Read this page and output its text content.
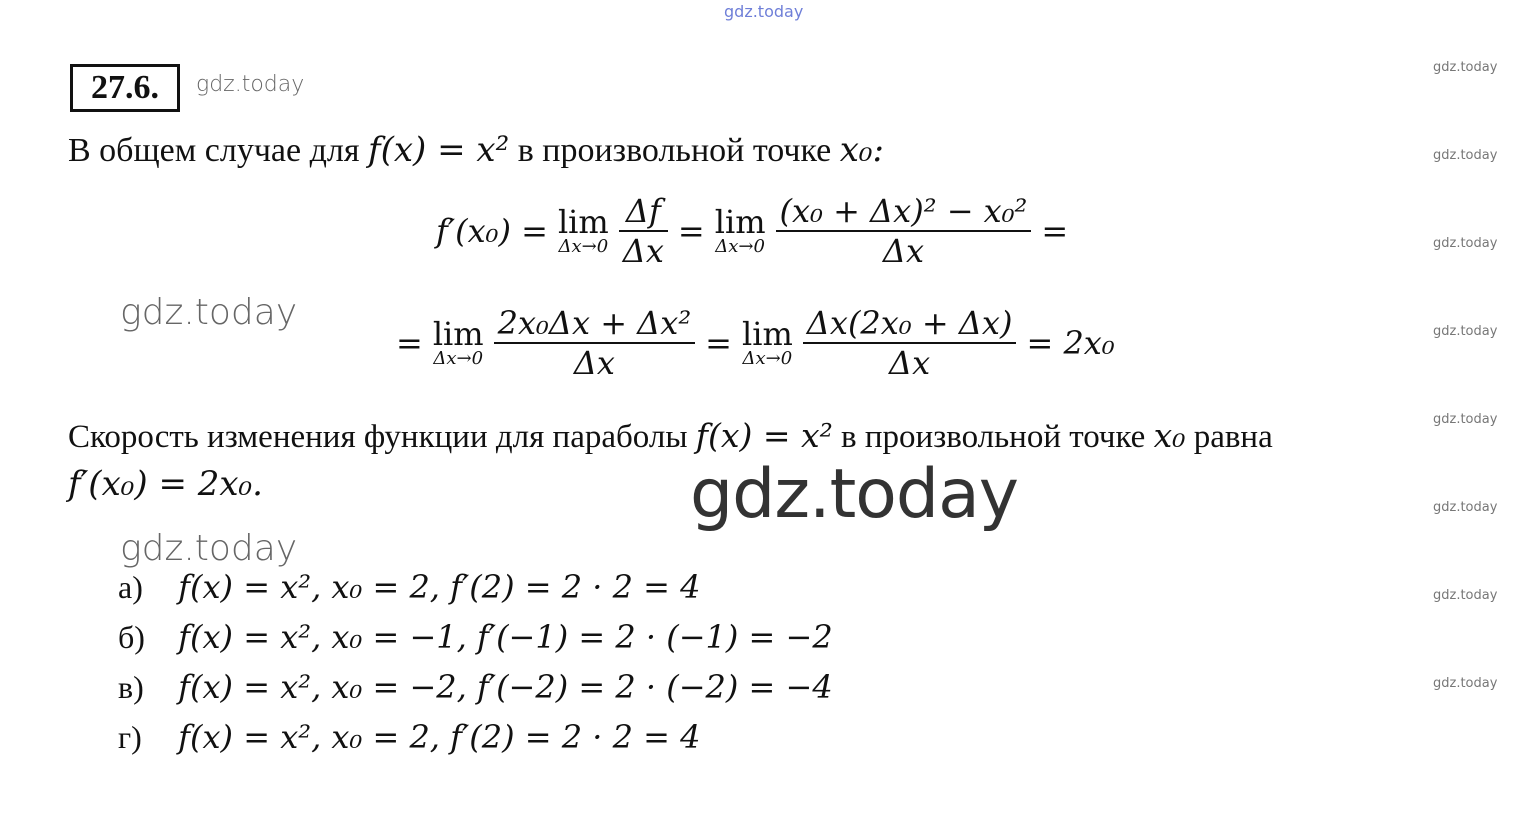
gdz.today
gdz.today
gdz.today
gdz.today
gdz.today
gdz.today
gdz.today
gdz.today
gdz.today
27.6.	gdz.today
В общем случае для f(x) = x² в произвольной точке x₀:
f′(x₀) = lim
$\Delta x\to 0 \frac{\Delta f}{\Delta x} = \lim$
$\Delta x\to 0 \frac{\text{(x₀ + Δx)² − x₀²}}{\Delta x}$ =
gdz.today
= lim
$\Delta x\to 0 \frac{\text{2x₀Δx + Δx²}}{\Delta x} = \lim$
$\Delta x\to 0 \frac{\text{Δx(2x₀ + Δx)}}{\Delta x} = 2x_0$
Скорость изменения функции для параболы f(x) = x² в произвольной точке x₀ равна
f′(x₀) = 2x₀.	gdz.today
gdz.today
а) f(x) = x², x₀ = 2, f′(2) = 2 · 2 = 4
б) f(x) = x², x₀ = −1, f′(−1) = 2 · (−1) = −2
в) f(x) = x², x₀ = −2, f′(−2) = 2 · (−2) = −4
г) f(x) = x², x₀ = 2, f′(2) = 2 · 2 = 4
